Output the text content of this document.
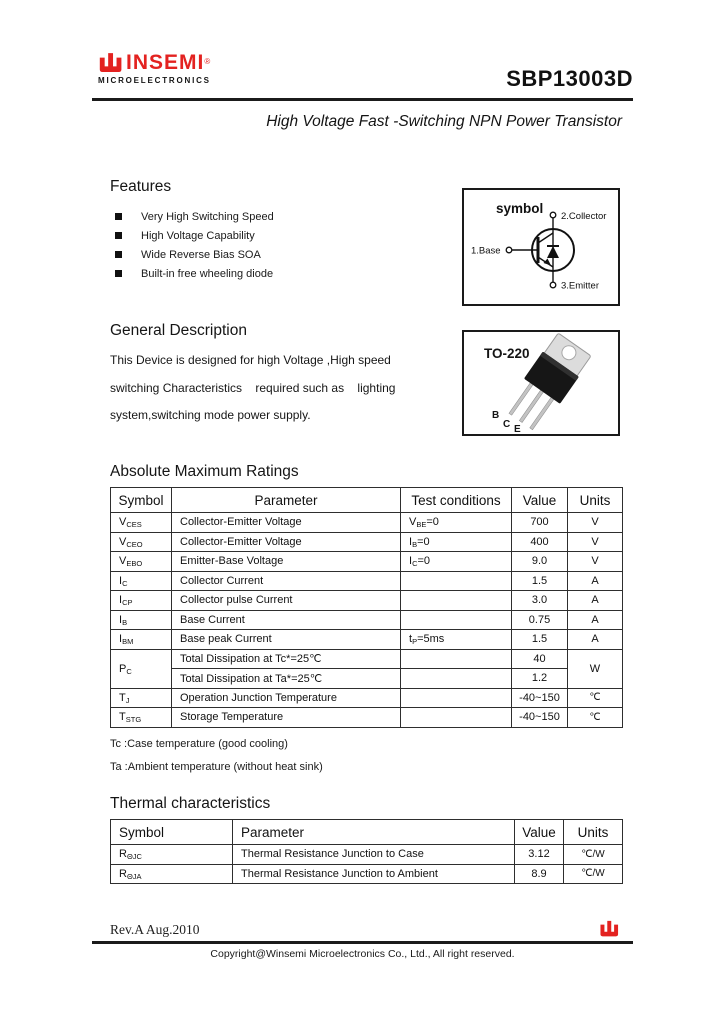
INSEMI ®
MICROELECTRONICS	SBP13003D
High Voltage Fast -Switching NPN Power Transistor
Features
Very High Switching Speed
High Voltage Capability
Wide Reverse Bias SOA
Built-in free wheeling diode
symbol
2.Collector
1.Base
3.Emitter
General Description
This Device is designed for high Voltage ,High speed
switching Characteristics    required such as    lighting
system,switching mode power supply.
TO-220
B
C E
Absolute Maximum Ratings
Symbol	Parameter	Test conditions	Value	Units
$V_{CES}$	Collector-Emitter Voltage	$V_{BE}=0$	700	V
$V_{CEO}$	Collector-Emitter Voltage	$I_B=0$	400	V
$V_{EBO}$	Emitter-Base Voltage	$I_C=0$	9.0	V
$I_C$	Collector Current		1.5	A
$I_{CP}$	Collector pulse Current		3.0	A
$I_B$	Base Current		0.75	A
$I_{BM}$	Base peak Current	$t_P=5ms$	1.5	A
$P_C$	Total Dissipation at Tc*=25℃		40	W
	Total Dissipation at Ta*=25℃		1.2	
$T_J$	Operation Junction Temperature		-40~150	℃
$T_{STG}$	Storage Temperature		-40~150	℃
Tc :Case temperature (good cooling)
Ta :Ambient temperature (without heat sink)
Thermal characteristics
Symbol	Parameter	Value	Units
$R_{\Theta JC}$	Thermal Resistance Junction to Case	3.12	℃/W
$R_{\Theta JA}$	Thermal Resistance Junction to Ambient	8.9	℃/W
Rev.A Aug.2010
Copyright@Winsemi Microelectronics Co., Ltd., All right reserved.
